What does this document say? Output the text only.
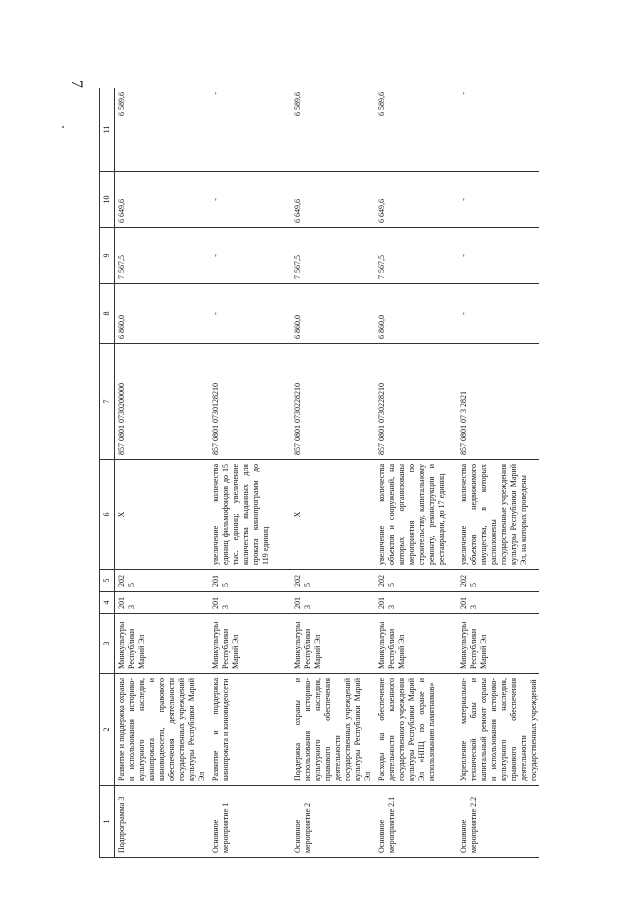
7
1	2	3	4	5	6	7	8	9	10	11
Подпрограмма 3	Развитие и поддержка охраны и использования историко-культурного наследия, кинопроката и киновидеосети, правового обеспечения деятельности государственных учреждений культуры Республики Марий Эл	Минкультуры Республики Марий Эл	2013	2025	Х	857 0801 0730200000	6 860,0	7 567,5	6 649,6	6 589,6
Основное мероприятие 1	Развитие и поддержка кинопроката и киновидеосети	Минкультуры Республики Марий Эл	2013	2015	увеличение количества единиц фильмофондов до 15 тыс. единиц; увеличение количества выданных для проката кинопрограмм до 119 единиц	857 0801 0730128210	-	-	-	-
Основное мероприятие 2	Поддержка охраны и использования историко-культурного наследия, правового обеспечения деятельности государственных учреждений культуры Республики Марий Эл	Минкультуры Республики Марий Эл	2013	2025	Х	857 0801 0730228210	6 860,0	7 567,5	6 649,6	6 589,6
Основное мероприятие 2.1	Расходы на обеспечение деятельности казенного государственного учреждения культуры Республики Марий Эл «НПЦ по охране и использованию памятников»	Минкультуры Республики Марий Эл	2013	2025	увеличение количества объектов и сооружений, на которых организованы мероприятия по строительству, капитальному ремонту, реконструкции и реставрации, до 17 единиц	857 0801 0730228210	6 860,0	7 567,5	6 649,6	6 589,6
Основное мероприятие 2.2	Укрепление материально-технической базы и капитальный ремонт охраны и использования историко-культурного наследия, правового обеспечения деятельности государственных учреждений	Минкультуры Республики Марий Эл	2013	2025	увеличение количества объектов недвижимого имущества, в которых расположены государственные учреждения культуры Республики Марий Эл, на которых проведены	857 0801 07 3 2821	-	-	-	-
